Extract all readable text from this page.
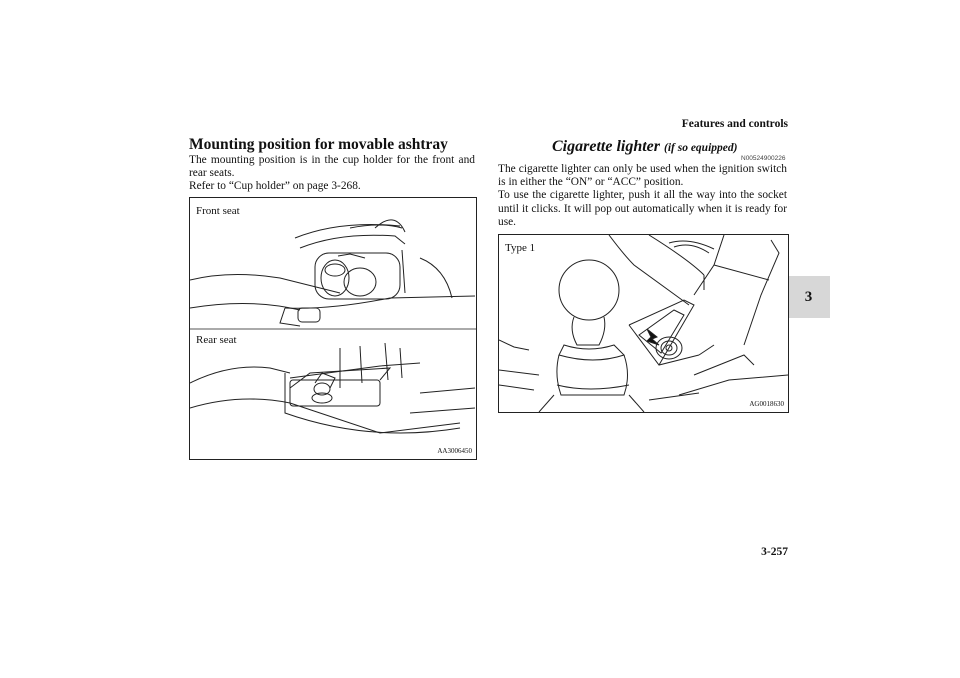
Features and controls
3
3-257
Mounting position for movable ashtray

The mounting position is in the cup holder for the front and rear seats.

Refer to “Cup holder” on page 3-268.

Front seat
Rear seat
AA3006450
Cigarette lighter (if so equipped)
N00524900226

The cigarette lighter can only be used when the ignition switch is in either the “ON” or “ACC” position.

To use the cigarette lighter, push it all the way into the socket until it clicks. It will pop out automatically when it is ready for use.

Type 1
AG0018630
